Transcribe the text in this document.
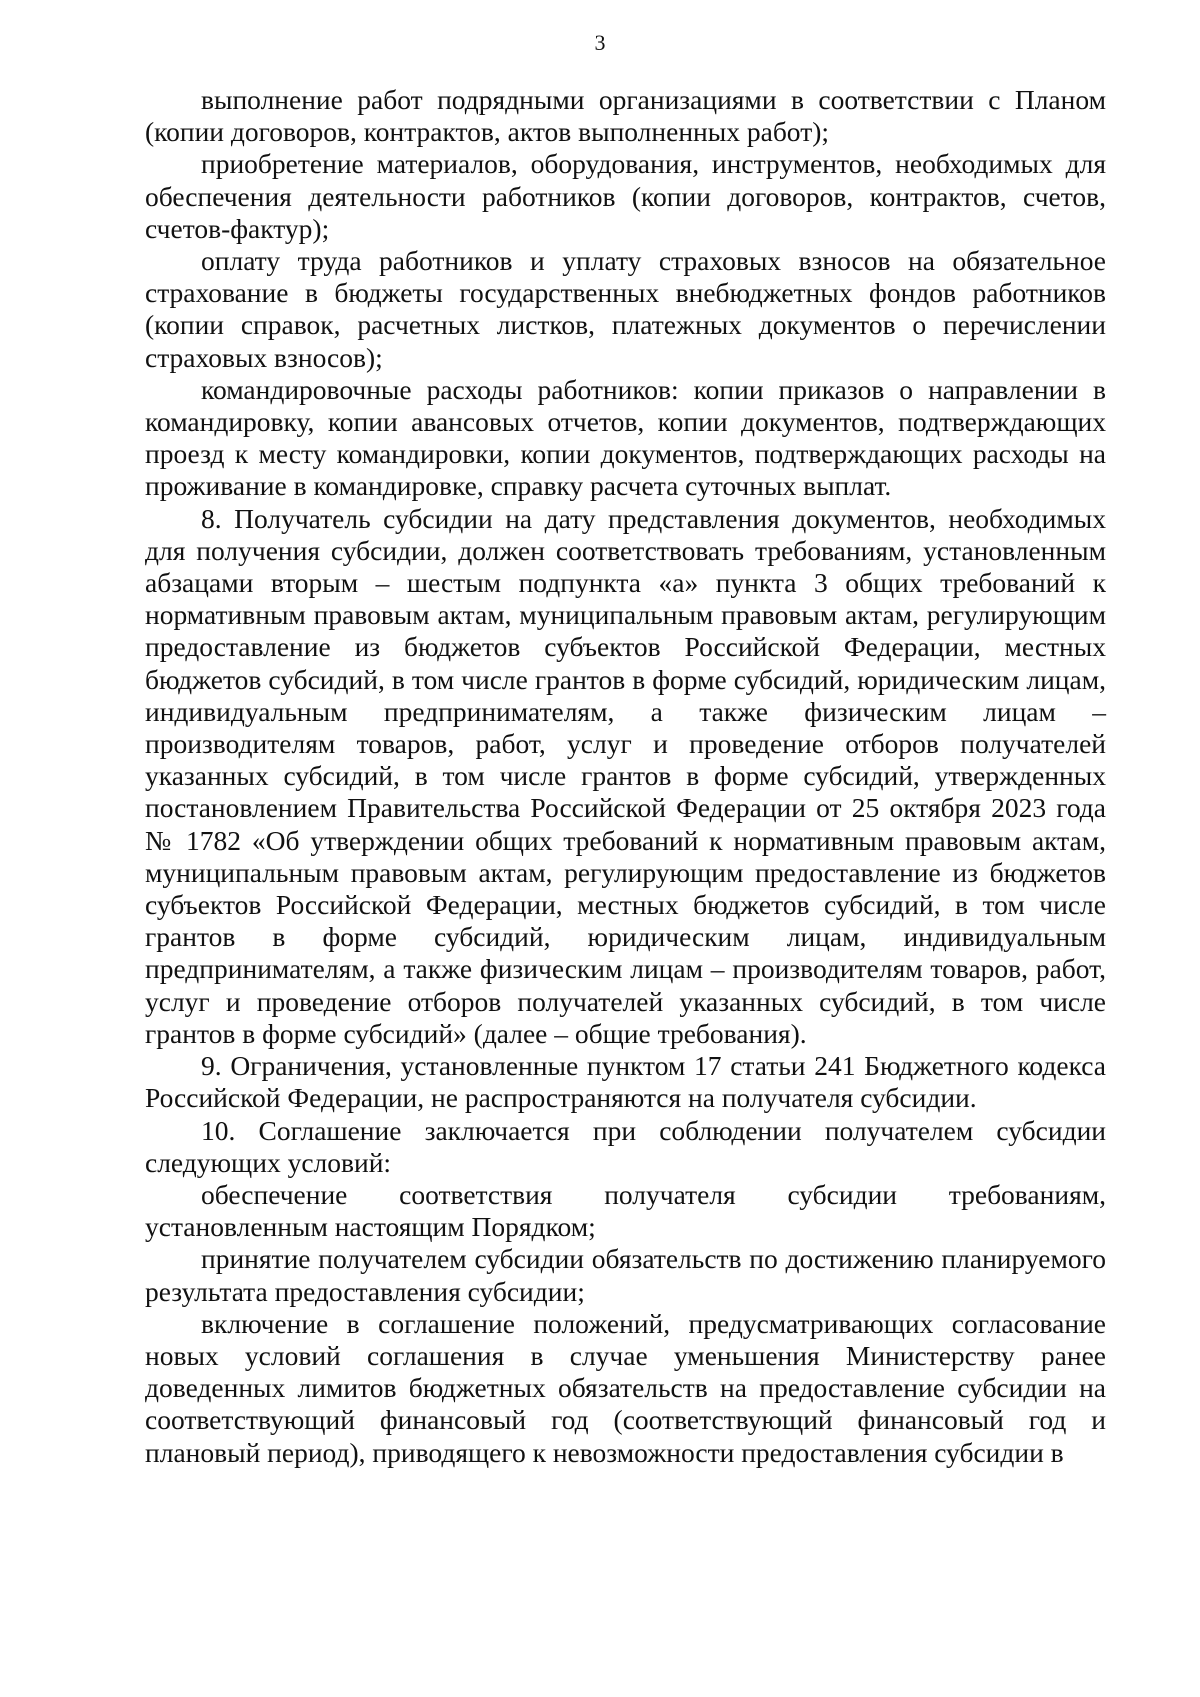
3

выполнение работ подрядными организациями в соответствии с Планом (копии договоров, контрактов, актов выполненных работ);

приобретение материалов, оборудования, инструментов, необходимых для обеспечения деятельности работников (копии договоров, контрактов, счетов, счетов-фактур);

оплату труда работников и уплату страховых взносов на обязательное страхование в бюджеты государственных внебюджетных фондов работников (копии справок, расчетных листков, платежных документов о перечислении страховых взносов);

командировочные расходы работников: копии приказов о направлении в командировку, копии авансовых отчетов, копии документов, подтверждающих проезд к месту командировки, копии документов, подтверждающих расходы на проживание в командировке, справку расчета суточных выплат.

8. Получатель субсидии на дату представления документов, необходимых для получения субсидии, должен соответствовать требованиям, установленным абзацами вторым – шестым подпункта «а» пункта 3 общих требований к нормативным правовым актам, муниципальным правовым актам, регулирующим предоставление из бюджетов субъектов Российской Федерации, местных бюджетов субсидий, в том числе грантов в форме субсидий, юридическим лицам, индивидуальным предпринимателям, а также физическим лицам – производителям товаров, работ, услуг и проведение отборов получателей указанных субсидий, в том числе грантов в форме субсидий, утвержденных постановлением Правительства Российской Федерации от 25 октября 2023 года № 1782 «Об утверждении общих требований к нормативным правовым актам, муниципальным правовым актам, регулирующим предоставление из бюджетов субъектов Российской Федерации, местных бюджетов субсидий, в том числе грантов в форме субсидий, юридическим лицам, индивидуальным предпринимателям, а также физическим лицам – производителям товаров, работ, услуг и проведение отборов получателей указанных субсидий, в том числе грантов в форме субсидий» (далее – общие требования).

9. Ограничения, установленные пунктом 17 статьи 241 Бюджетного кодекса Российской Федерации, не распространяются на получателя субсидии.

10. Соглашение заключается при соблюдении получателем субсидии следующих условий:

обеспечение соответствия получателя субсидии требованиям, установленным настоящим Порядком;

принятие получателем субсидии обязательств по достижению планируемого результата предоставления субсидии;

включение в соглашение положений, предусматривающих согласование новых условий соглашения в случае уменьшения Министерству ранее доведенных лимитов бюджетных обязательств на предоставление субсидии на соответствующий финансовый год (соответствующий финансовый год и плановый период), приводящего к невозможности предоставления субсидии в
